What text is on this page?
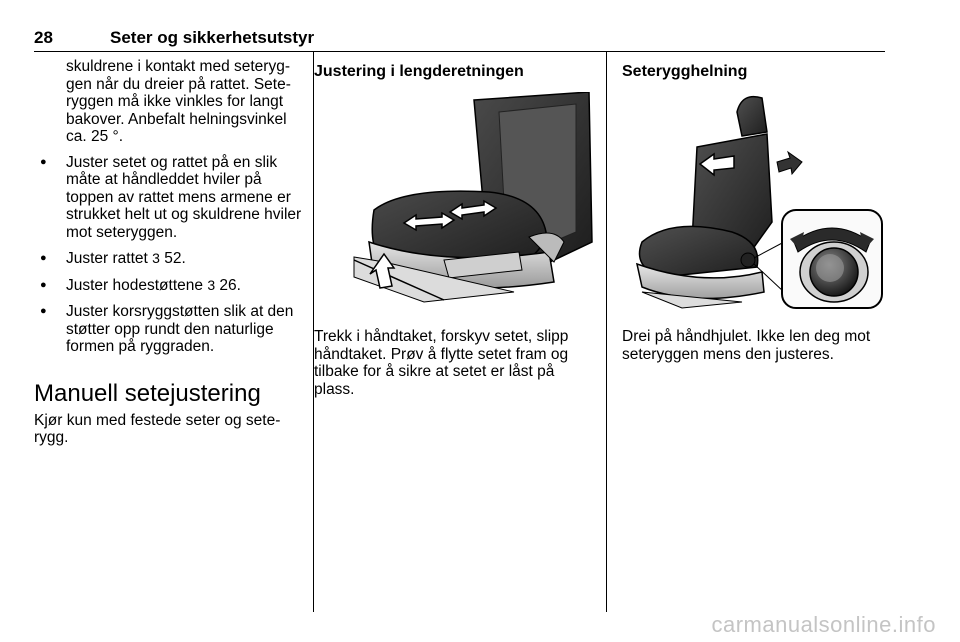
28	Seter og sikkerhetsutstyr

skuldrene i kontakt med seteryggen når du dreier på rattet. Seteryggen må ikke vinkles for langt bakover. Anbefalt helningsvinkel ca. 25 °.

● Juster setet og rattet på en slik måte at håndleddet hviler på toppen av rattet mens armene er strukket helt ut og skuldrene hviler mot seteryggen.
● Juster rattet 3 52.
● Juster hodestøttene 3 26.
● Juster korsryggstøtten slik at den støtter opp rundt den naturlige formen på ryggraden.
Manuell setejustering

Kjør kun med festede seter og seterygg.

Justering i lengderetningen

Trekk i håndtaket, forskyv setet, slipp håndtaket. Prøv å flytte setet fram og tilbake for å sikre at setet er låst på plass.

Seterygghelning

Drei på håndhjulet. Ikke len deg mot seteryggen mens den justeres.

carmanualsonline.info
